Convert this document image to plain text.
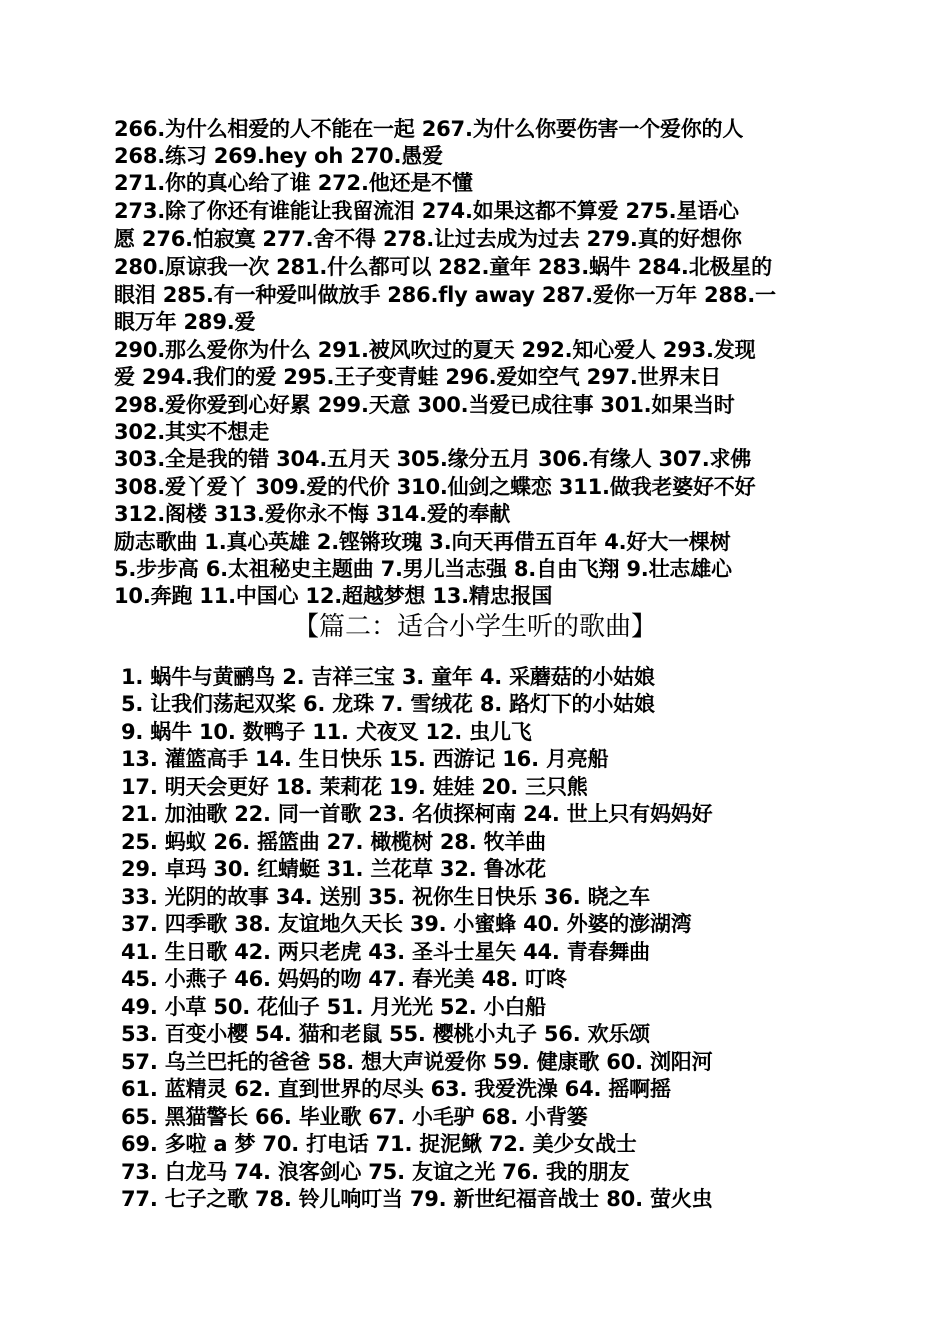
266.为什么相爱的人不能在一起 267.为什么你要伤害一个爱你的人
268.练习 269.hey oh 270.愚爱
271.你的真心给了谁 272.他还是不懂
273.除了你还有谁能让我留流泪 274.如果这都不算爱 275.星语心
愿 276.怕寂寞 277.舍不得 278.让过去成为过去 279.真的好想你
280.原谅我一次 281.什么都可以 282.童年 283.蜗牛 284.北极星的
眼泪 285.有一种爱叫做放手 286.fly away 287.爱你一万年 288.一
眼万年 289.爱
290.那么爱你为什么 291.被风吹过的夏天 292.知心爱人 293.发现
爱 294.我们的爱 295.王子变青蛙 296.爱如空气 297.世界末日
298.爱你爱到心好累 299.天意 300.当爱已成往事 301.如果当时
302.其实不想走
303.全是我的错 304.五月天 305.缘分五月 306.有缘人 307.求佛
308.爱丫爱丫 309.爱的代价 310.仙剑之蝶恋 311.做我老婆好不好
312.阁楼 313.爱你永不悔 314.爱的奉献
励志歌曲 1.真心英雄 2.铿锵玫瑰 3.向天再借五百年 4.好大一棵树
5.步步高 6.太祖秘史主题曲 7.男儿当志强 8.自由飞翔 9.壮志雄心
10.奔跑 11.中国心 12.超越梦想 13.精忠报国
【篇二：适合小学生听的歌曲】
1. 蜗牛与黄鹂鸟 2. 吉祥三宝 3. 童年 4. 采蘑菇的小姑娘
5. 让我们荡起双桨 6. 龙珠 7. 雪绒花 8. 路灯下的小姑娘
9. 蜗牛 10. 数鸭子 11. 犬夜叉 12. 虫儿飞
13. 灌篮高手 14. 生日快乐 15. 西游记 16. 月亮船
17. 明天会更好 18. 茉莉花 19. 娃娃 20. 三只熊
21. 加油歌 22. 同一首歌 23. 名侦探柯南 24. 世上只有妈妈好
25. 蚂蚁 26. 摇篮曲 27. 橄榄树 28. 牧羊曲
29. 卓玛 30. 红蜻蜓 31. 兰花草 32. 鲁冰花
33. 光阴的故事 34. 送别 35. 祝你生日快乐 36. 晓之车
37. 四季歌 38. 友谊地久天长 39. 小蜜蜂 40. 外婆的澎湖湾
41. 生日歌 42. 两只老虎 43. 圣斗士星矢 44. 青春舞曲
45. 小燕子 46. 妈妈的吻 47. 春光美 48. 叮咚
49. 小草 50. 花仙子 51. 月光光 52. 小白船
53. 百变小樱 54. 猫和老鼠 55. 樱桃小丸子 56. 欢乐颂
57. 乌兰巴托的爸爸 58. 想大声说爱你 59. 健康歌 60. 浏阳河
61. 蓝精灵 62. 直到世界的尽头 63. 我爱洗澡 64. 摇啊摇
65. 黑猫警长 66. 毕业歌 67. 小毛驴 68. 小背篓
69. 多啦 a 梦 70. 打电话 71. 捉泥鳅 72. 美少女战士
73. 白龙马 74. 浪客剑心 75. 友谊之光 76. 我的朋友
77. 七子之歌 78. 铃儿响叮当 79. 新世纪福音战士 80. 萤火虫
